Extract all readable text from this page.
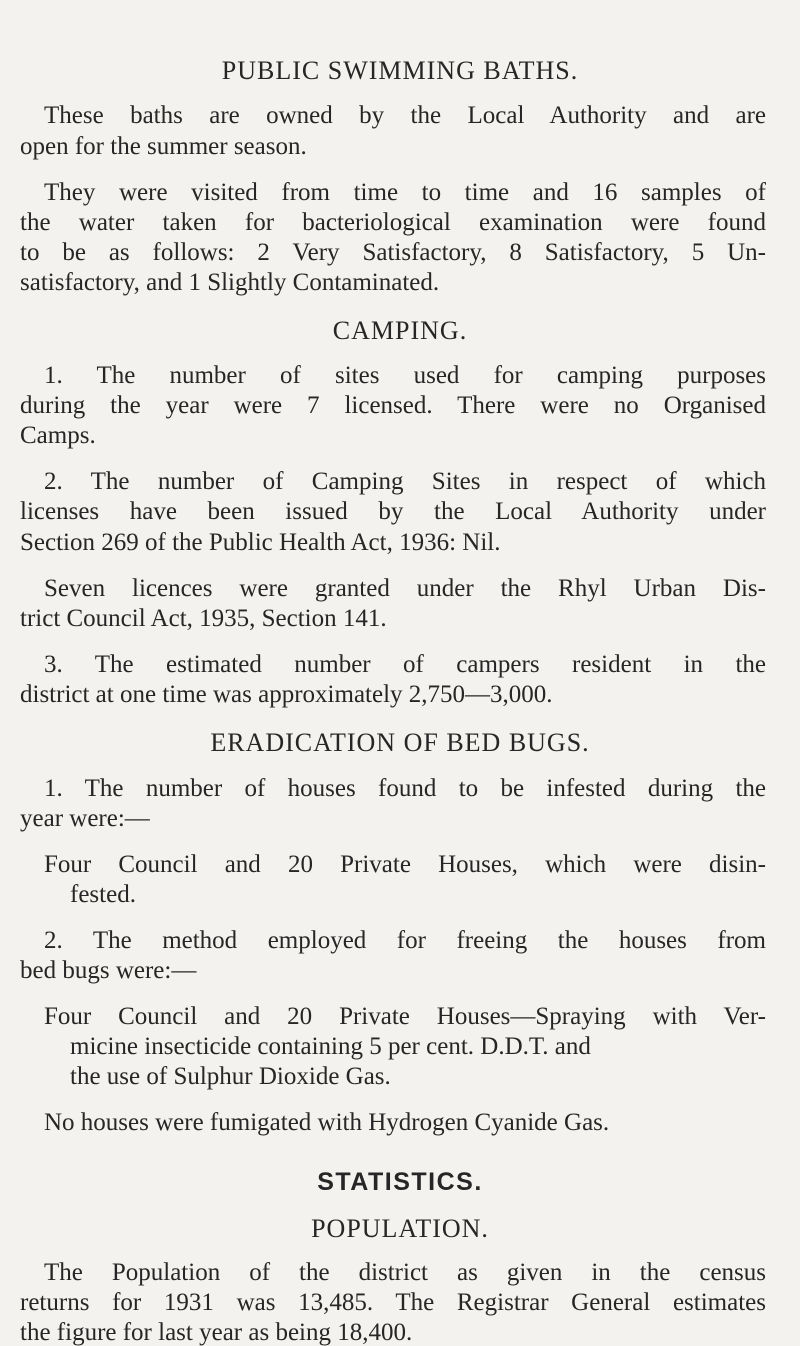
PUBLIC SWIMMING BATHS.
These baths are owned by the Local Authority and are
open for the summer season.
They were visited from time to time and 16 samples of
the water taken for bacteriological examination were found
to be as follows: 2 Very Satisfactory, 8 Satisfactory, 5 Un-
satisfactory, and 1 Slightly Contaminated.
CAMPING.
1. The number of sites used for camping purposes
during the year were 7 licensed. There were no Organised
Camps.
2. The number of Camping Sites in respect of which
licenses have been issued by the Local Authority under
Section 269 of the Public Health Act, 1936: Nil.
Seven licences were granted under the Rhyl Urban Dis-
trict Council Act, 1935, Section 141.
3. The estimated number of campers resident in the
district at one time was approximately 2,750—3,000.
ERADICATION OF BED BUGS.
1. The number of houses found to be infested during the
year were:—
Four Council and 20 Private Houses, which were disin-
fested.
2. The method employed for freeing the houses from
bed bugs were:—
Four Council and 20 Private Houses—Spraying with Ver-
micine insecticide containing 5 per cent. D.D.T. and
the use of Sulphur Dioxide Gas.
No houses were fumigated with Hydrogen Cyanide Gas.
STATISTICS.
POPULATION.
The Population of the district as given in the census
returns for 1931 was 13,485. The Registrar General estimates
the figure for last year as being 18,400.
